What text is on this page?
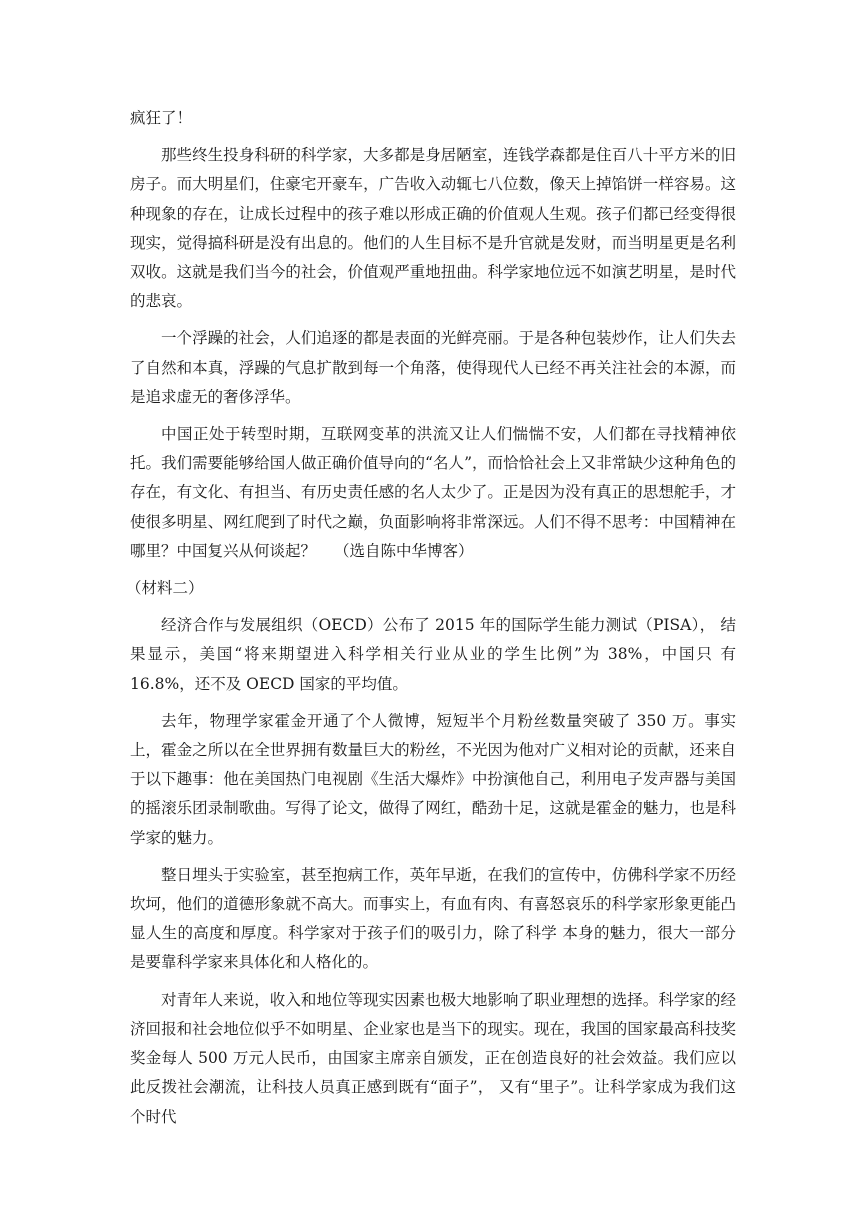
疯狂了！

那些终生投身科研的科学家，大多都是身居陋室，连钱学森都是住百八十平方米的旧房子。而大明星们，住豪宅开豪车，广告收入动辄七八位数，像天上掉馅饼一样容易。这种现象的存在，让成长过程中的孩子难以形成正确的价值观人生观。孩子们都已经变得很现实，觉得搞科研是没有出息的。他们的人生目标不是升官就是发财，而当明星更是名利双收。这就是我们当今的社会，价值观严重地扭曲。科学家地位远不如演艺明星，是时代的悲哀。

一个浮躁的社会，人们追逐的都是表面的光鲜亮丽。于是各种包装炒作，让人们失去了自然和本真，浮躁的气息扩散到每一个角落，使得现代人已经不再关注社会的本源，而是追求虚无的奢侈浮华。

中国正处于转型时期，互联网变革的洪流又让人们惴惴不安，人们都在寻找精神依托。我们需要能够给国人做正确价值导向的“名人”，而恰恰社会上又非常缺少这种角色的存在，有文化、有担当、有历史责任感的名人太少了。正是因为没有真正的思想舵手，才使很多明星、网红爬到了时代之巅，负面影响将非常深远。人们不得不思考：中国精神在哪里？中国复兴从何谈起？ （选自陈中华博客）

（材料二）

经济合作与发展组织（OECD）公布了 2015 年的国际学生能力测试（PISA）， 结果显示，美国“将来期望进入科学相关行业从业的学生比例”为 38%，中国只 有 16.8%，还不及 OECD 国家的平均值。

去年，物理学家霍金开通了个人微博，短短半个月粉丝数量突破了 350 万。事实上，霍金之所以在全世界拥有数量巨大的粉丝，不光因为他对广义相对论的贡献，还来自于以下趣事：他在美国热门电视剧《生活大爆炸》中扮演他自己，利用电子发声器与美国的摇滚乐团录制歌曲。写得了论文，做得了网红，酷劲十足，这就是霍金的魅力，也是科学家的魅力。

整日埋头于实验室，甚至抱病工作，英年早逝，在我们的宣传中，仿佛科学家不历经坎坷，他们的道德形象就不高大。而事实上，有血有肉、有喜怒哀乐的科学家形象更能凸显人生的高度和厚度。科学家对于孩子们的吸引力，除了科学 本身的魅力，很大一部分是要靠科学家来具体化和人格化的。

对青年人来说，收入和地位等现实因素也极大地影响了职业理想的选择。科学家的经济回报和社会地位似乎不如明星、企业家也是当下的现实。现在，我国的国家最高科技奖奖金每人 500 万元人民币，由国家主席亲自颁发，正在创造良好的社会效益。我们应以此反拨社会潮流，让科技人员真正感到既有“面子”， 又有“里子”。让科学家成为我们这个时代
